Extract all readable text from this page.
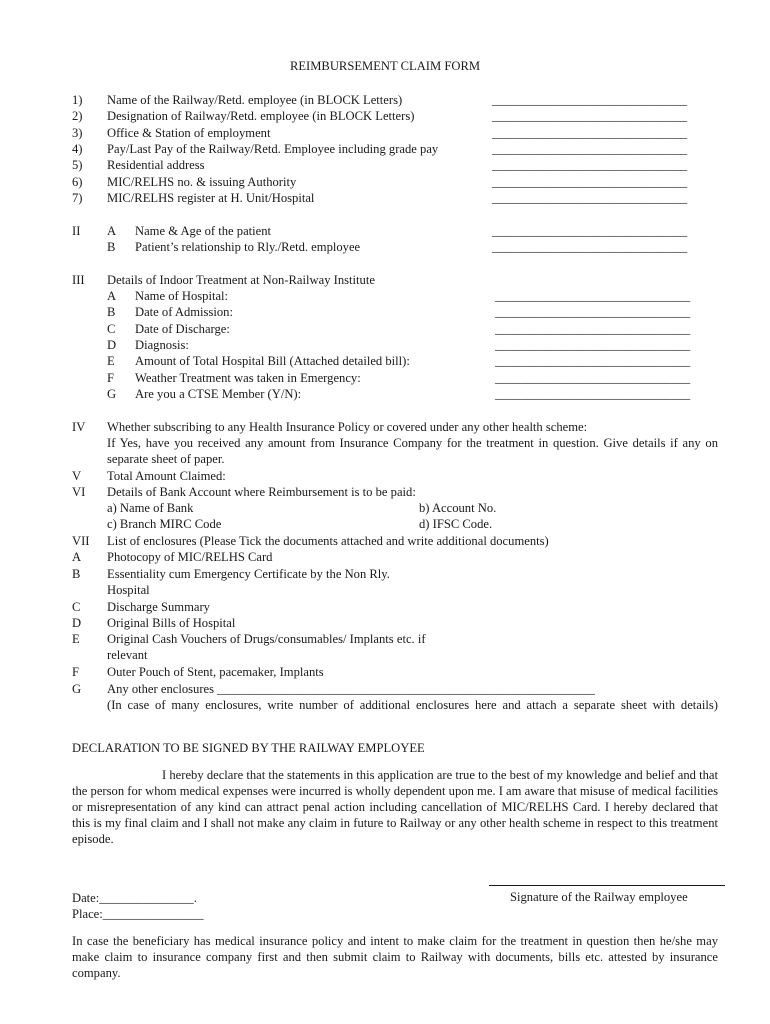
REIMBURSEMENT CLAIM FORM
1) Name of the Railway/Retd. employee (in BLOCK Letters)	_______________________________
2) Designation of Railway/Retd. employee (in BLOCK Letters)	_______________________________
3) Office & Station of employment	_______________________________
4) Pay/Last Pay of the Railway/Retd. Employee including grade pay	_______________________________
5) Residential address	_______________________________
6) MIC/RELHS no. & issuing Authority	_______________________________
7) MIC/RELHS register at H. Unit/Hospital	_______________________________
II A Name & Age of the patient	_______________________________
B Patient’s relationship to Rly./Retd. employee	_______________________________
III Details of Indoor Treatment at Non-Railway Institute
A Name of Hospital:	_______________________________
B Date of Admission:	_______________________________
C Date of Discharge:	_______________________________
D Diagnosis:	_______________________________
E Amount of Total Hospital Bill (Attached detailed bill):	_______________________________
F Weather Treatment was taken in Emergency:	_______________________________
G Are you a CTSE Member (Y/N):	_______________________________
IV Whether subscribing to any Health Insurance Policy or covered under any other health scheme:
If Yes, have you received any amount from Insurance Company for the treatment in question. Give details if any on separate sheet of paper.
V Total Amount Claimed:
VI Details of Bank Account where Reimbursement is to be paid:
a) Name of Bank	b) Account No.
c) Branch MIRC Code	d) IFSC Code.
VII List of enclosures (Please Tick the documents attached and write additional documents)
A Photocopy of MIC/RELHS Card
B Essentiality cum Emergency Certificate by the Non Rly.
Hospital
C Discharge Summary
D Original Bills of Hospital
E Original Cash Vouchers of Drugs/consumables/ Implants etc. if
relevant
F Outer Pouch of Stent, pacemaker, Implants
G Any other enclosures ____________________________________________________________
(In case of many enclosures, write number of additional enclosures here and attach a separate sheet with details)
DECLARATION TO BE SIGNED BY THE RAILWAY EMPLOYEE
I hereby declare that the statements in this application are true to the best of my knowledge and belief and that the person for whom medical expenses were incurred is wholly dependent upon me. I am aware that misuse of medical facilities or misrepresentation of any kind can attract penal action including cancellation of MIC/RELHS Card. I hereby declared that this is my final claim and I shall not make any claim in future to Railway or any other health scheme in respect to this treatment episode.
Signature of the Railway employee
Date:_______________.
Place:________________
In case the beneficiary has medical insurance policy and intent to make claim for the treatment in question then he/she may make claim to insurance company first and then submit claim to Railway with documents, bills etc. attested by insurance company.
